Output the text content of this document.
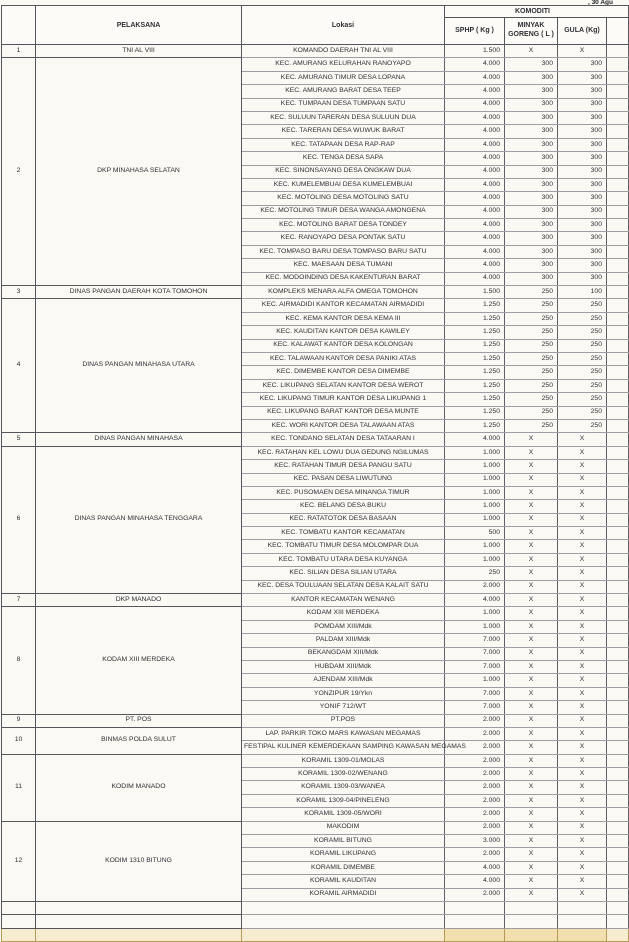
, 30 Agu
	PELAKSANA	Lokasi	KOMODITI			
			SPHP ( Kg )	MINYAK GORENG ( L )	GULA (Kg)	
1	TNI AL VIII	KOMANDO DAERAH TNI AL VIII	1.500	X	X	
2	DKP MINAHASA SELATAN	KEC. AMURANG KELURAHAN RANOYAPO	4.000	300	300	
		KEC. AMURANG TIMUR DESA LOPANA	4.000	300	300	
		KEC. AMURANG BARAT DESA TEEP	4.000	300	300	
		KEC. TUMPAAN DESA TUMPAAN SATU	4.000	300	300	
		KEC. SULUUN TARERAN DESA SULUUN DUA	4.000	300	300	
		KEC. TARERAN DESA WUWUK BARAT	4.000	300	300	
		KEC. TATAPAAN DESA RAP-RAP	4.000	300	300	
		KEC. TENGA DESA SAPA	4.000	300	300	
		KEC. SINONSAYANG DESA ONGKAW DUA	4.000	300	300	
		KEC. KUMELEMBUAI DESA KUMELEMBUAI	4.000	300	300	
		KEC. MOTOLING DESA MOTOLING SATU	4.000	300	300	
		KEC. MOTOLING TIMUR DESA WANGA AMONGENA	4.000	300	300	
		KEC. MOTOLING BARAT DESA TONDEY	4.000	300	300	
		KEC. RANOYAPO DESA PONTAK SATU	4.000	300	300	
		KEC. TOMPASO BARU DESA TOMPASO BARU SATU	4.000	300	300	
		KEC. MAESAAN DESA TUMANI	4.000	300	300	
		KEC. MODOINDING DESA KAKENTURAN BARAT	4.000	300	300	
3	DINAS PANGAN DAERAH KOTA TOMOHON	KOMPLEKS MENARA ALFA OMEGA TOMOHON	1.500	250	100	
4	DINAS PANGAN MINAHASA UTARA	KEC. AIRMADIDI KANTOR KECAMATAN AIRMADIDI	1.250	250	250	
		KEC. KEMA KANTOR DESA KEMA III	1.250	250	250	
		KEC. KAUDITAN KANTOR DESA KAWILEY	1.250	250	250	
		KEC. KALAWAT KANTOR DESA KOLONGAN	1.250	250	250	
		KEC. TALAWAAN KANTOR DESA PANIKI ATAS	1.250	250	250	
		KEC. DIMEMBE KANTOR DESA DIMEMBE	1.250	250	250	
		KEC. LIKUPANG SELATAN KANTOR DESA WEROT	1.250	250	250	
		KEC. LIKUPANG TIMUR KANTOR DESA LIKUPANG 1	1.250	250	250	
		KEC. LIKUPANG BARAT KANTOR DESA MUNTE	1.250	250	250	
		KEC. WORI KANTOR DESA TALAWAAN ATAS	1.250	250	250	
5	DINAS PANGAN MINAHASA	KEC. TONDANO SELATAN DESA TATAARAN I	4.000	X	X	
6	DINAS PANGAN MINAHASA TENGGARA	KEC. RATAHAN KEL LOWU DUA GEDUNG NGILUMAS	1.000	X	X	
		KEC. RATAHAN TIMUR DESA PANGU SATU	1.000	X	X	
		KEC. PASAN DESA LIWUTUNG	1.000	X	X	
		KEC. PUSOMAEN DESA MINANGA TIMUR	1.000	X	X	
		KEC. BELANG DESA BUKU	1.000	X	X	
		KEC. RATATOTOK DESA BASAAN	1.000	X	X	
		KEC. TOMBATU KANTOR KECAMATAN	500	X	X	
		KEC. TOMBATU TIMUR DESA MOLOMPAR DUA	1.000	X	X	
		KEC. TOMBATU UTARA DESA KUYANGA	1.000	X	X	
		KEC. SILIAN DESA SILIAN UTARA	250	X	X	
		KEC. DESA TOULUAAN SELATAN DESA KALAIT SATU	2.000	X	X	
7	DKP MANADO	KANTOR KECAMATAN WENANG	4.000	X	X	
8	KODAM XIII MERDEKA	KODAM XIII MERDEKA	1.000	X	X	
		POMDAM XIII/Mdk	1.000	X	X	
		PALDAM XIII/Mdk	7.000	X	X	
		BEKANGDAM XIII/Mdk	7.000	X	X	
		HUBDAM XIII/Mdk	7.000	X	X	
		AJENDAM XIII/Mdk	1.000	X	X	
		YONZIPUR 19/Ykn	7.000	X	X	
		YONIF 712/WT	7.000	X	X	
9	PT. POS	PT.POS	2.000	X	X	
10	BINMAS POLDA SULUT	LAP. PARKIR TOKO MARS KAWASAN MEGAMAS	2.000	X	X	
		FESTIPAL KULINER KEMERDEKAAN SAMPING KAWASAN MEGAMAS	2.000	X	X	
11	KODIM MANADO	KORAMIL 1309-01/MOLAS	2.000	X	X	
		KORAMIL 1309-02/WENANG	2.000	X	X	
		KORAMIL 1309-03/WANEA	2.000	X	X	
		KORAMIL 1309-04/PINELENG	2.000	X	X	
		KORAMIL 1309-05/WORI	2.000	X	X	
12	KODIM 1310 BITUNG	MAKODIM	2.000	X	X	
		KORAMIL BITUNG	3.000	X	X	
		KORAMIL LIKUPANG	2.000	X	X	
		KORAMIL DIMEMBE	4.000	X	X	
		KORAMIL KAUDITAN	4.000	X	X	
		KORAMIL AIRMADIDI	2.000	X	X	
